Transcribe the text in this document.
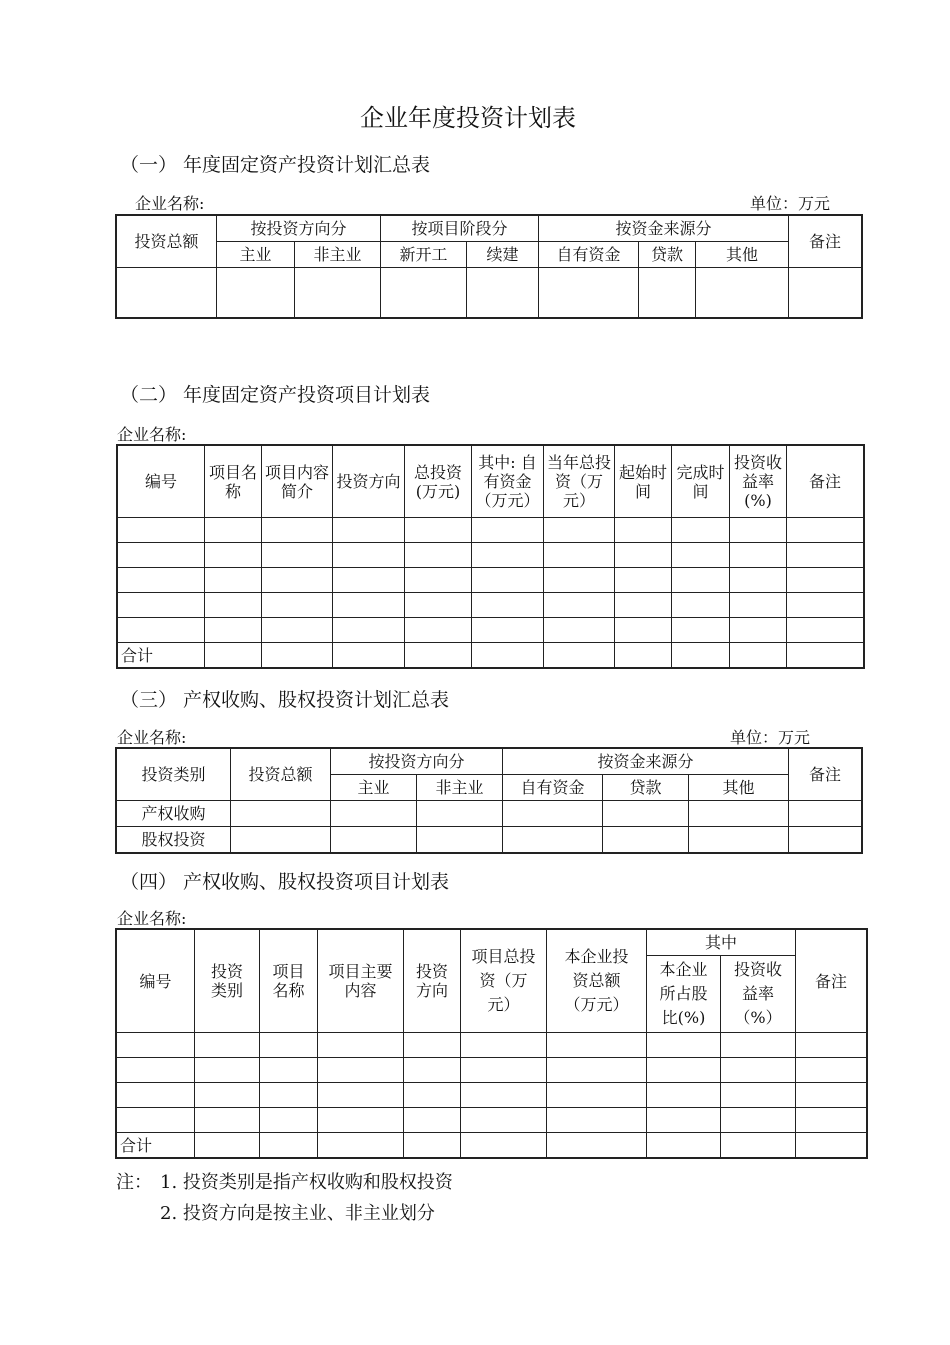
企业年度投资计划表
（一） 年度固定资产投资计划汇总表
企业名称:	单位：万元
投资总额	按投资方向分		按项目阶段分		按资金来源分			备注
	主业	非主业	新开工	续建	自有资金	贷款	其他	

（二） 年度固定资产投资项目计划表
企业名称:
编号	项目名称	项目内容简介	投资方向	总投资(万元)	其中: 自有资金（万元）	当年总投资（万元）	起始时间	完成时间	投资收益率(%)	备注

合计										
（三） 产权收购、股权投资计划汇总表
企业名称:	单位：万元
投资类别	投资总额	按投资方向分		按资金来源分			备注
		主业	非主业	自有资金	贷款	其他	
产权收购							
股权投资							
（四） 产权收购、股权投资项目计划表
企业名称:
编号	投资类别	项目名称	项目主要内容	投资方向	项目总投资（万元）	本企业投资总额（万元）	其中		备注
							本企业所占股比(%)	投资收益率（%）	

合计									
注： 1. 投资类别是指产权收购和股权投资
2. 投资方向是按主业、非主业划分
